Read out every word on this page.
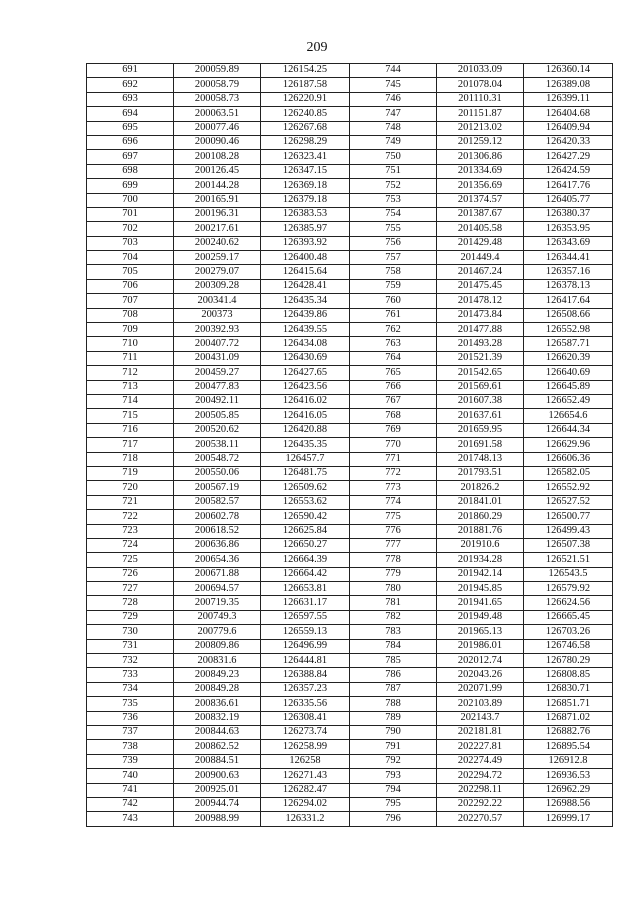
209
691	200059.89	126154.25	744	201033.09	126360.14
692	200058.79	126187.58	745	201078.04	126389.08
693	200058.73	126220.91	746	201110.31	126399.11
694	200063.51	126240.85	747	201151.87	126404.68
695	200077.46	126267.68	748	201213.02	126409.94
696	200090.46	126298.29	749	201259.12	126420.33
697	200108.28	126323.41	750	201306.86	126427.29
698	200126.45	126347.15	751	201334.69	126424.59
699	200144.28	126369.18	752	201356.69	126417.76
700	200165.91	126379.18	753	201374.57	126405.77
701	200196.31	126383.53	754	201387.67	126380.37
702	200217.61	126385.97	755	201405.58	126353.95
703	200240.62	126393.92	756	201429.48	126343.69
704	200259.17	126400.48	757	201449.4	126344.41
705	200279.07	126415.64	758	201467.24	126357.16
706	200309.28	126428.41	759	201475.45	126378.13
707	200341.4	126435.34	760	201478.12	126417.64
708	200373	126439.86	761	201473.84	126508.66
709	200392.93	126439.55	762	201477.88	126552.98
710	200407.72	126434.08	763	201493.28	126587.71
711	200431.09	126430.69	764	201521.39	126620.39
712	200459.27	126427.65	765	201542.65	126640.69
713	200477.83	126423.56	766	201569.61	126645.89
714	200492.11	126416.02	767	201607.38	126652.49
715	200505.85	126416.05	768	201637.61	126654.6
716	200520.62	126420.88	769	201659.95	126644.34
717	200538.11	126435.35	770	201691.58	126629.96
718	200548.72	126457.7	771	201748.13	126606.36
719	200550.06	126481.75	772	201793.51	126582.05
720	200567.19	126509.62	773	201826.2	126552.92
721	200582.57	126553.62	774	201841.01	126527.52
722	200602.78	126590.42	775	201860.29	126500.77
723	200618.52	126625.84	776	201881.76	126499.43
724	200636.86	126650.27	777	201910.6	126507.38
725	200654.36	126664.39	778	201934.28	126521.51
726	200671.88	126664.42	779	201942.14	126543.5
727	200694.57	126653.81	780	201945.85	126579.92
728	200719.35	126631.17	781	201941.65	126624.56
729	200749.3	126597.55	782	201949.48	126665.45
730	200779.6	126559.13	783	201965.13	126703.26
731	200809.86	126496.99	784	201986.01	126746.58
732	200831.6	126444.81	785	202012.74	126780.29
733	200849.23	126388.84	786	202043.26	126808.85
734	200849.28	126357.23	787	202071.99	126830.71
735	200836.61	126335.56	788	202103.89	126851.71
736	200832.19	126308.41	789	202143.7	126871.02
737	200844.63	126273.74	790	202181.81	126882.76
738	200862.52	126258.99	791	202227.81	126895.54
739	200884.51	126258	792	202274.49	126912.8
740	200900.63	126271.43	793	202294.72	126936.53
741	200925.01	126282.47	794	202298.11	126962.29
742	200944.74	126294.02	795	202292.22	126988.56
743	200988.99	126331.2	796	202270.57	126999.17
